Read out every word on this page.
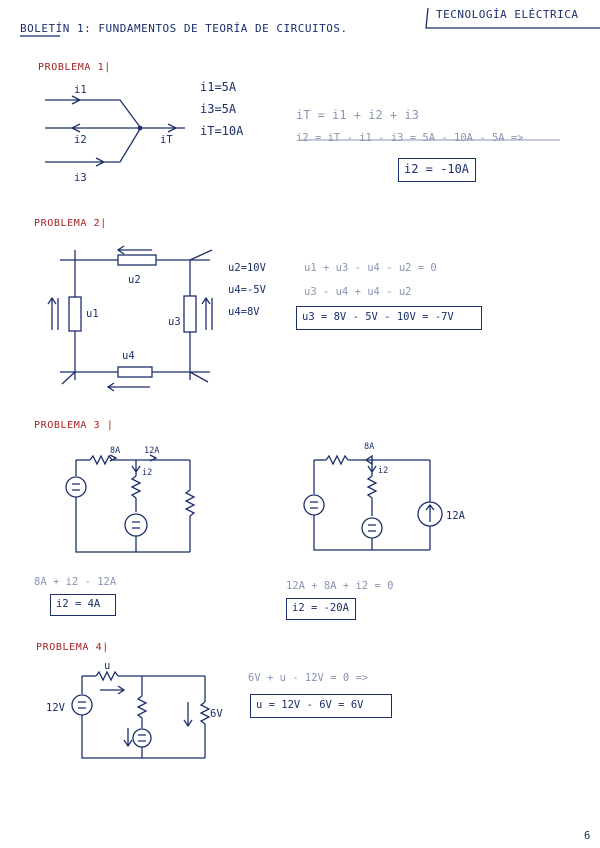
BOLETÍN 1: FUNDAMENTOS DE TEORÍA DE CIRCUITOS.
TECNOLOGÍA ELÉCTRICA
PROBLEMA 1|
i1
i2
i3
iT
i1=5A
i3=5A
iT=10A
iT = i1 + i2 + i3
i2 = iT - i1 - i3 = 5A - 10A - 5A =>
i2 = -10A
PROBLEMA 2|
u2
u1
u3
u4
u2=10V
u4=-5V
u4=8V
u1 + u3 - u4 - u2 = 0
u3 - u4 + u4 - u2
u3 = 8V - 5V - 10V = -7V
PROBLEMA 3 |
8A	12A
i2
8A + i2 - 12A
i2 = 4A
8A
i2
12A
12A + 8A + i2 = 0
i2 = -20A
PROBLEMA 4|
u
12V	6V
6V + u - 12V = 0 =>
u = 12V - 6V = 6V
6
